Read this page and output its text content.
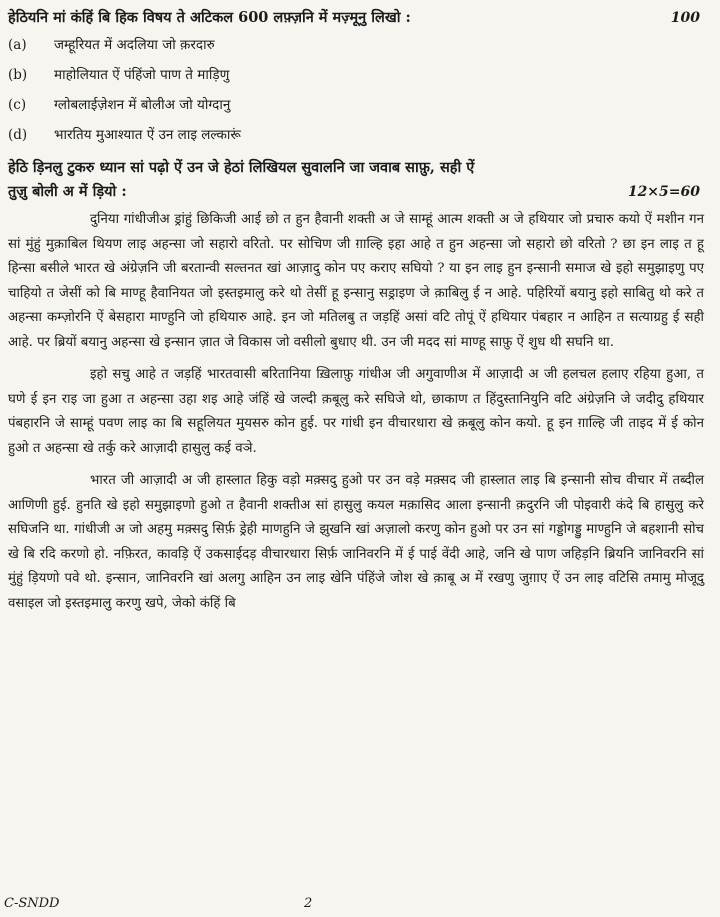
हेठियनि मां कंहिं बि हिक विषय ते अटिकल 600 लफ़्ज़नि में मज़्मूनु लिखो :	100
(a)	जम्हूरियत में अदलिया जो क़रदारु
(b)	माहोलियात ऐं पंहिंजो पाण ते माड़िणु
(c)	ग्लोबलाईज़ेशन में बोलीअ जो योग्दानु
(d)	भारतिय मुआश्यात ऐं उन लाइ लल्कारूं
हेठि ड़िनलु टुकरु ध्यान सां पढ़ो ऐं उन जे हेठां लिखियल सुवालनि जा जवाब साफ़ु, सही ऐं
तुज़ु बोली अ में ड़ियो :	12×5=60

दुनिया गांधीजीअ ड्रांहुं छिकिजी आई छो त हुन हैवानी शक्ती अ जे साम्हूं आत्म शक्ती अ जे हथियार जो प्रचारु कयो ऐं मशीन गन सां मुंहुं मुक़ाबिल थियण लाइ अहन्सा जो सहारो वरितो. पर सोचिण जी ग़ाल्हि इहा आहे त हुन अहन्सा जो सहारो छो वरितो ? छा इन लाइ त हू हिन्सा बसीले भारत खे अंग्रेज़नि जी बरतान्वी सल्तनत खां आज़ादु कोन पए कराए सघियो ? या इन लाइ हुन इन्सानी समाज खे इहो समुझाइणु पए चाहियो त जेसीं को बि माण्हू हैवानियत जो इस्तइमालु करे थो तेसीं हू इन्सानु सड्राइण जे क़ाबिलु ई न आहे. पहिरियों बयानु इहो साबितु थो करे त अहन्सा कम्ज़ोरनि ऐं बेसहारा माण्हुनि जो हथियारु आहे. इन जो मतिलबु त जड़हिं असां वटि तोपूं ऐं हथियार पंबहार न आहिन त सत्याग्रहु ई सही आहे. पर ब्रियों बयानु अहन्सा खे इन्सान ज़ात जे विकास जो वसीलो बुधाए थी. उन जी मदद सां माण्हू साफ़ु ऐं शुध थी सघनि था.

इहो सचु आहे त जड़हिं भारतवासी बरितानिया ख़िलाफ़ु गांधीअ जी अगुवाणीअ में आज़ादी अ जी हलचल हलाए रहिया हुआ, त घणे ई इन राइ जा हुआ त अहन्सा उहा शइ आहे जंहिं खे जल्दी क़बूलु करे सघिजे थो, छाकाण त हिंदुस्तानियुनि वटि अंग्रेज़नि जे जदीदु हथियार पंबहारनि जे साम्हूं पवण लाइ का बि सहूलियत मुयसरु कोन हुई. पर गांधी इन वीचारधारा खे क़बूलु कोन कयो. हू इन ग़ाल्हि जी ताइद में ई कोन हुओ त अहन्सा खे तर्कु करे आज़ादी हासुलु कई वञे.

भारत जी आज़ादी अ जी हास्लात हिकु वड़ो मक़्सदु हुओ पर उन वड़े मक़्सद जी हास्लात लाइ बि इन्सानी सोच वीचार में तब्दील आणिणी हुई. हुनति खे इहो समुझाइणो हुओ त हैवानी शक्तीअ सां हासुलु कयल मक़ासिद आला इन्सानी क़दुरनि जी पोइवारी कंदे बि हासुलु करे सघिजनि था. गांधीजी अ जो अहमु मक़्सदु सिर्फ़ ड्रेही माणहुनि जे झुखनि खां अज़ालो करणु कोन हुओ पर उन सां गड्डोगड्डु माण्हुनि जे बहशानी सोच खे बि रदि करणो हो. नफ़िरत, कावड़ि ऐं उकसाईदड़ वीचारधारा सिर्फ़ जानिवरनि में ई पाई वेंदी आहे, जनि खे पाण जहिड़नि ब्रियनि जानिवरनि सां मुंहुं ड़ियणो पवे थो. इन्सान, जानिवरनि खां अलगु आहिन उन लाइ खेनि पंहिंजे जोश खे क़ाबू अ में रखणु जुग़ाए ऐं उन लाइ वटिसि तमामु मोजूदु वसाइल जो इस्तइमालु करणु खपे, जेको कंहिं बि

C-SNDD	2
